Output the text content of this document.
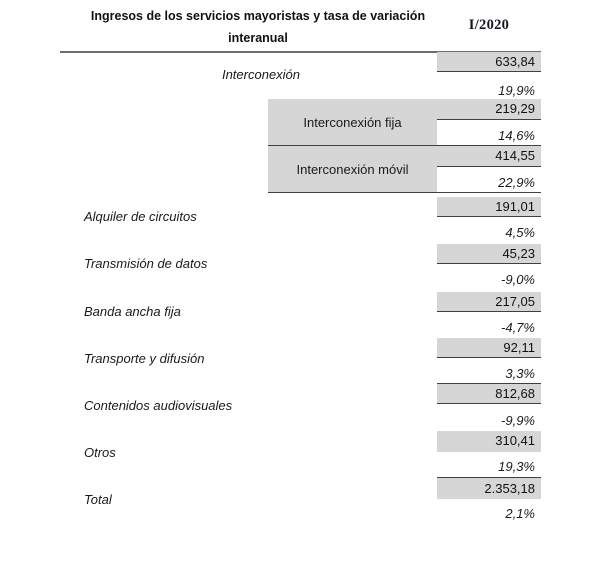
Ingresos de los servicios mayoristas y tasa de variación
interanual
I/2020
Interconexión
633,84
19,9%
Interconexión fija
219,29
14,6%
Interconexión móvil
414,55
22,9%
Alquiler de circuitos
191,01
4,5%
Transmisión de datos
45,23
-9,0%
Banda ancha fija
217,05
-4,7%
Transporte y difusión
92,11
3,3%
Contenidos audiovisuales
812,68
-9,9%
Otros
310,41
19,3%
Total
2.353,18
2,1%
